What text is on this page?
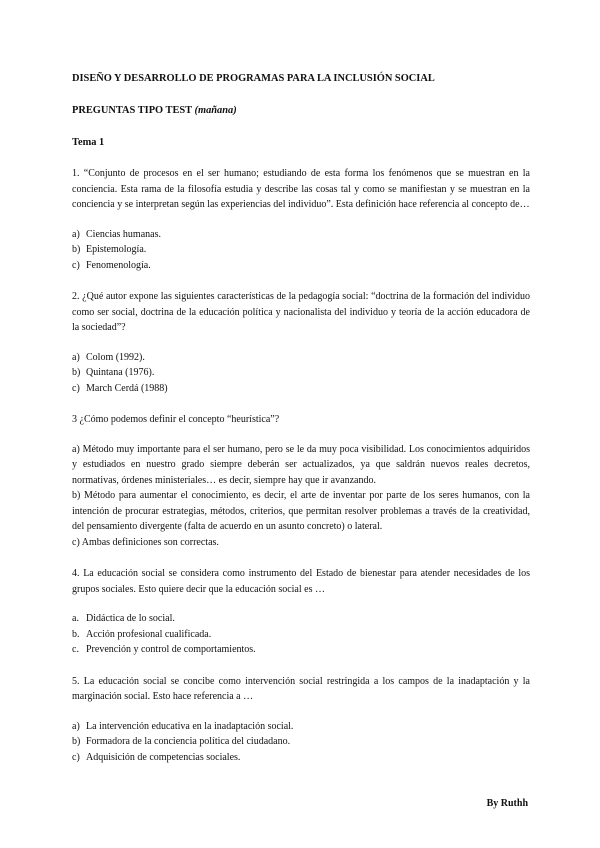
DISEÑO Y DESARROLLO DE PROGRAMAS PARA LA INCLUSIÓN SOCIAL

PREGUNTAS TIPO TEST (mañana)

Tema 1

1. “Conjunto de procesos en el ser humano; estudiando de esta forma los fenómenos que se muestran en la conciencia. Esta rama de la filosofía estudia y describe las cosas tal y como se manifiestan y se muestran en la conciencia y se interpretan según las experiencias del individuo”. Esta definición hace referencia al concepto de…

a) Ciencias humanas.
b) Epistemología.
c) Fenomenología.

2. ¿Qué autor expone las siguientes características de la pedagogía social: “doctrina de la formación del individuo como ser social, doctrina de la educación política y nacionalista del individuo y teoría de la acción educadora de la sociedad”?

a) Colom (1992).
b) Quintana (1976).
c) March Cerdá (1988)

3 ¿Cómo podemos definir el concepto “heurística”?

a) Método muy importante para el ser humano, pero se le da muy poca visibilidad. Los conocimientos adquiridos y estudiados en nuestro grado siempre deberán ser actualizados, ya que saldrán nuevos reales decretos, normativas, órdenes ministeriales… es decir, siempre hay que ir avanzando.

b) Método para aumentar el conocimiento, es decir, el arte de inventar por parte de los seres humanos, con la intención de procurar estrategias, métodos, criterios, que permitan resolver problemas a través de la creatividad, del pensamiento divergente (falta de acuerdo en un asunto concreto) o lateral.

c) Ambas definiciones son correctas.

4. La educación social se considera como instrumento del Estado de bienestar para atender necesidades de los grupos sociales. Esto quiere decir que la educación social es …

a. Didáctica de lo social.
b. Acción profesional cualificada.
c. Prevención y control de comportamientos.

5. La educación social se concibe como intervención social restringida a los campos de la inadaptación y la marginación social. Esto hace referencia a …

a) La intervención educativa en la inadaptación social.
b) Formadora de la conciencia política del ciudadano.
c) Adquisición de competencias sociales.
By Ruthh
